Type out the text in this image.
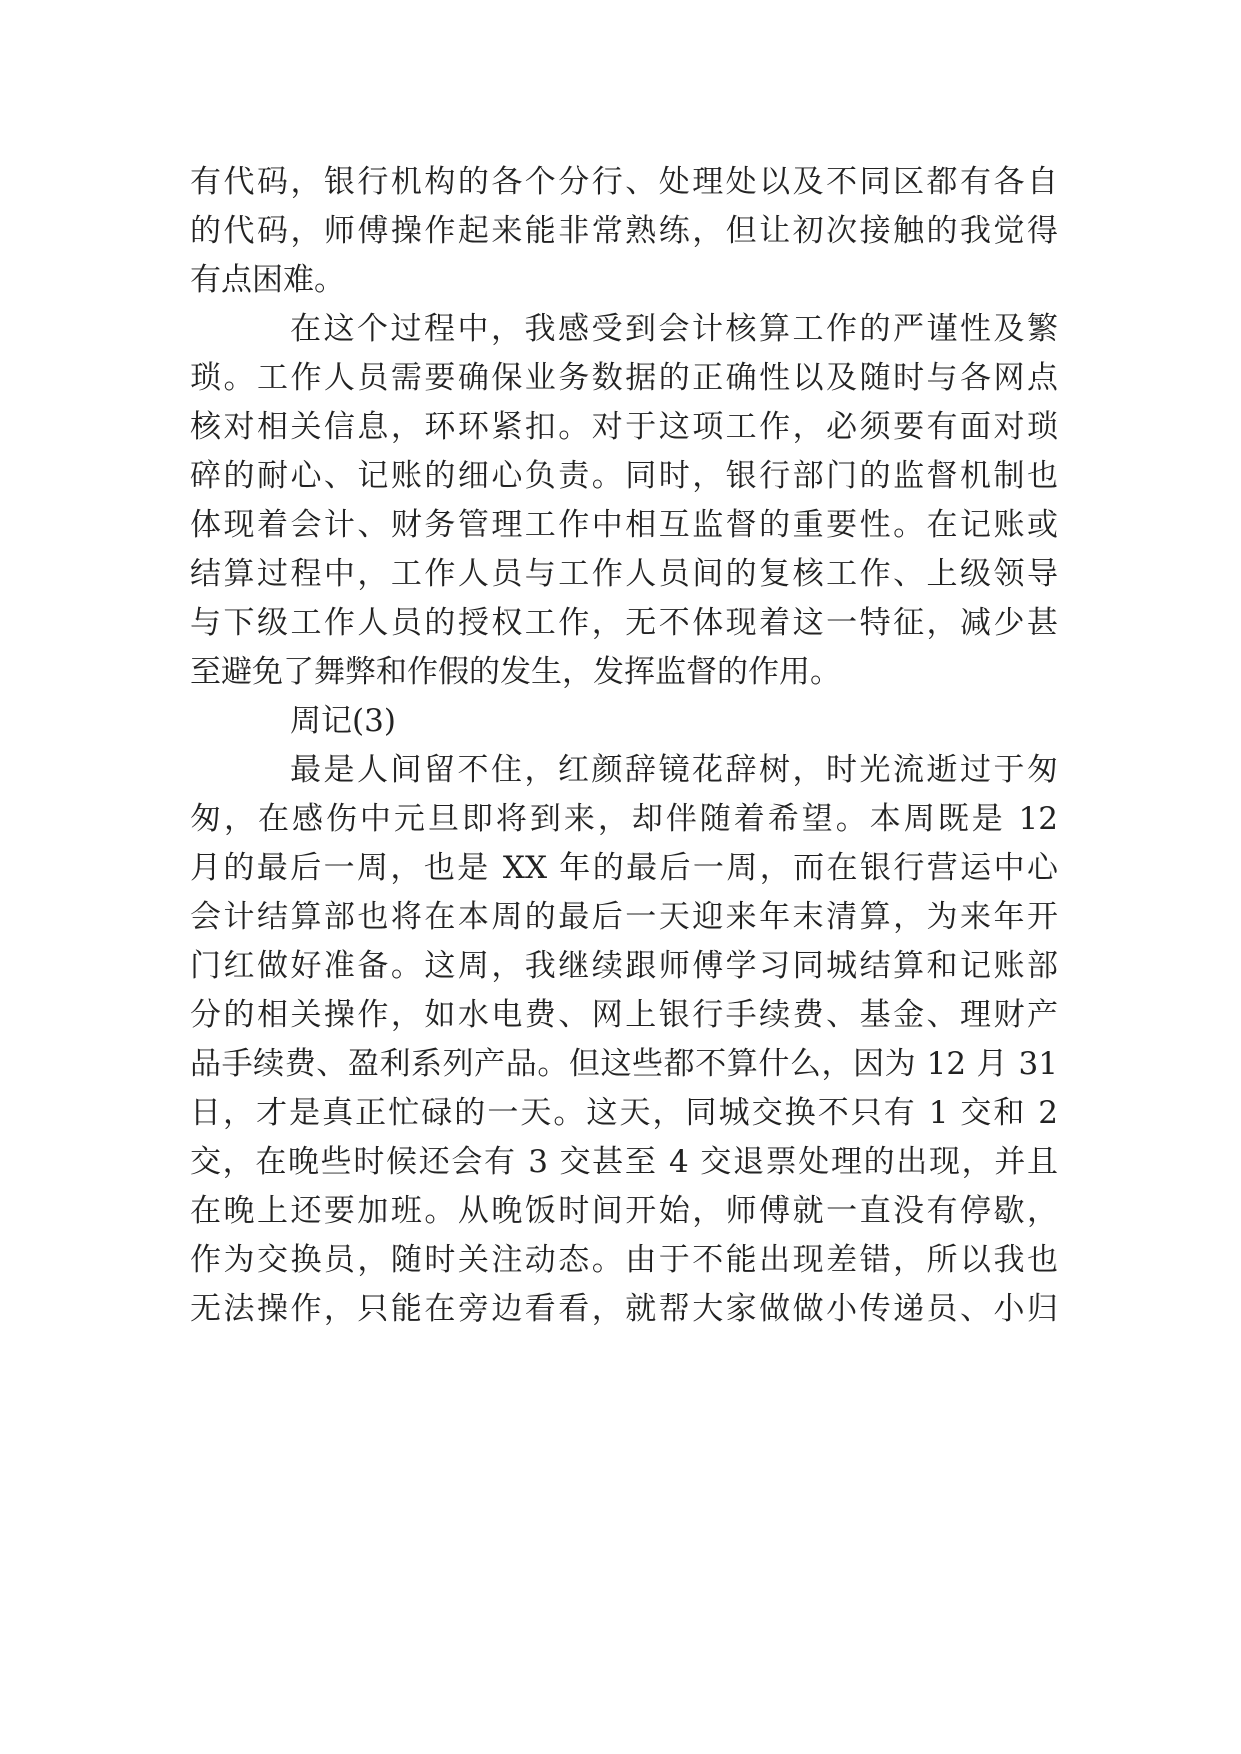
有代码，银行机构的各个分行、处理处以及不同区都有各自
的代码，师傅操作起来能非常熟练，但让初次接触的我觉得
有点困难。
在这个过程中，我感受到会计核算工作的严谨性及繁
琐。工作人员需要确保业务数据的正确性以及随时与各网点
核对相关信息，环环紧扣。对于这项工作，必须要有面对琐
碎的耐心、记账的细心负责。同时，银行部门的监督机制也
体现着会计、财务管理工作中相互监督的重要性。在记账或
结算过程中，工作人员与工作人员间的复核工作、上级领导
与下级工作人员的授权工作，无不体现着这一特征，减少甚
至避免了舞弊和作假的发生，发挥监督的作用。
周记(3)
最是人间留不住，红颜辞镜花辞树，时光流逝过于匆
匆，在感伤中元旦即将到来，却伴随着希望。本周既是 12
月的最后一周，也是 XX 年的最后一周，而在银行营运中心
会计结算部也将在本周的最后一天迎来年末清算，为来年开
门红做好准备。这周，我继续跟师傅学习同城结算和记账部
分的相关操作，如水电费、网上银行手续费、基金、理财产
品手续费、盈利系列产品。但这些都不算什么，因为 12 月 31
日，才是真正忙碌的一天。这天，同城交换不只有 1 交和 2
交，在晚些时候还会有 3 交甚至 4 交退票处理的出现，并且
在晚上还要加班。从晚饭时间开始，师傅就一直没有停歇，
作为交换员，随时关注动态。由于不能出现差错，所以我也
无法操作，只能在旁边看看，就帮大家做做小传递员、小归
